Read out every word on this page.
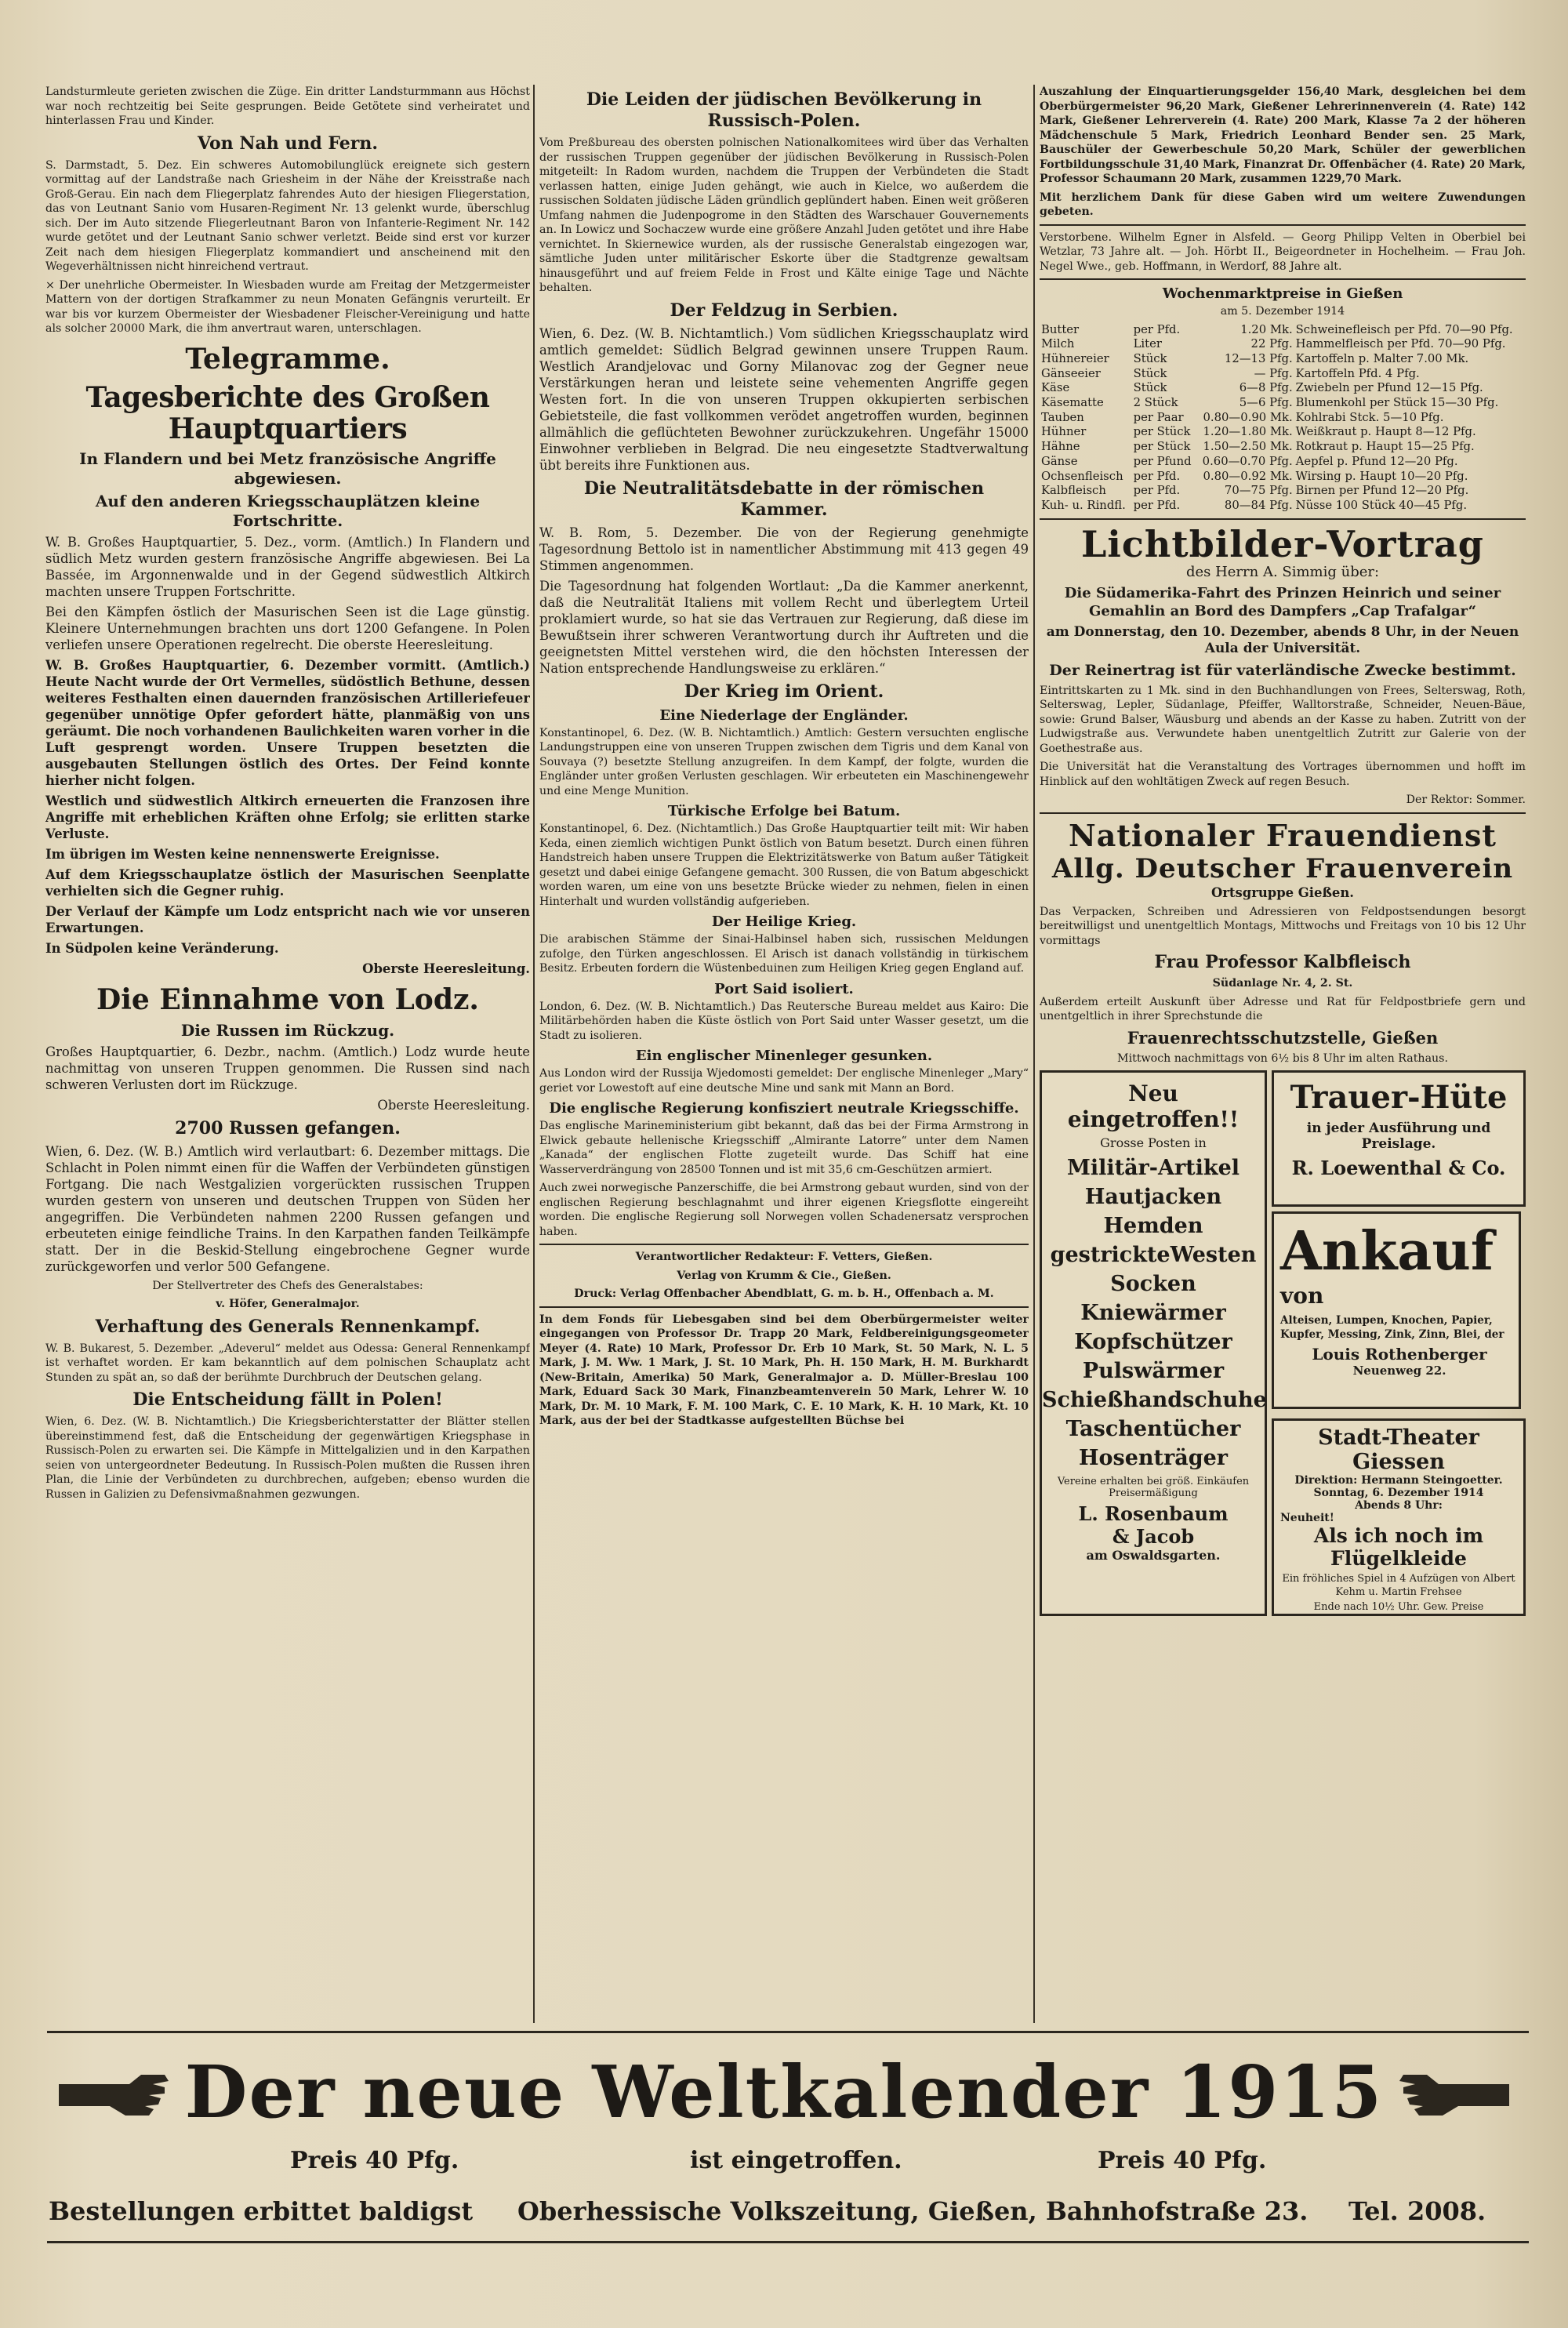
Landsturmleute gerieten zwischen die Züge. Ein dritter Landsturmmann aus Höchst war noch rechtzeitig bei Seite gesprungen. Beide Getötete sind verheiratet und hinterlassen Frau und Kinder.

Von Nah und Fern.

S. Darmstadt, 5. Dez. Ein schweres Automobilunglück ereignete sich gestern vormittag auf der Landstraße nach Griesheim in der Nähe der Kreisstraße nach Groß-Gerau. Ein nach dem Fliegerplatz fahrendes Auto der hiesigen Fliegerstation, das von Leutnant Sanio vom Husaren-Regiment Nr. 13 gelenkt wurde, überschlug sich. Der im Auto sitzende Fliegerleutnant Baron von Infanterie-Regiment Nr. 142 wurde getötet und der Leutnant Sanio schwer verletzt. Beide sind erst vor kurzer Zeit nach dem hiesigen Fliegerplatz kommandiert und anscheinend mit den Wegeverhältnissen nicht hinreichend vertraut.

× Der unehrliche Obermeister. In Wiesbaden wurde am Freitag der Metzgermeister Mattern von der dortigen Strafkammer zu neun Monaten Gefängnis verurteilt. Er war bis vor kurzem Obermeister der Wiesbadener Fleischer-Vereinigung und hatte als solcher 20000 Mark, die ihm anvertraut waren, unterschlagen.

Telegramme.
Tagesberichte des Großen Hauptquartiers
In Flandern und bei Metz französische Angriffe abgewiesen.
Auf den anderen Kriegsschauplätzen kleine Fortschritte.

W. B. Großes Hauptquartier, 5. Dez., vorm. (Amtlich.) In Flandern und südlich Metz wurden gestern französische Angriffe abgewiesen. Bei La Bassée, im Argonnenwalde und in der Gegend südwestlich Altkirch machten unsere Truppen Fortschritte.

Bei den Kämpfen östlich der Masurischen Seen ist die Lage günstig. Kleinere Unternehmungen brachten uns dort 1200 Gefangene. In Polen verliefen unsere Operationen regelrecht. Die oberste Heeresleitung.

W. B. Großes Hauptquartier, 6. Dezember vormitt. (Amtlich.) Heute Nacht wurde der Ort Vermelles, südöstlich Bethune, dessen weiteres Festhalten einen dauernden französischen Artilleriefeuer gegenüber unnötige Opfer gefordert hätte, planmäßig von uns geräumt. Die noch vorhandenen Baulichkeiten waren vorher in die Luft gesprengt worden. Unsere Truppen besetzten die ausgebauten Stellungen östlich des Ortes. Der Feind konnte hierher nicht folgen.

Westlich und südwestlich Altkirch erneuerten die Franzosen ihre Angriffe mit erheblichen Kräften ohne Erfolg; sie erlitten starke Verluste.

Im übrigen im Westen keine nennenswerte Ereignisse.

Auf dem Kriegsschauplatze östlich der Masurischen Seenplatte verhielten sich die Gegner ruhig.

Der Verlauf der Kämpfe um Lodz entspricht nach wie vor unseren Erwartungen.

In Südpolen keine Veränderung.

Oberste Heeresleitung.

Die Einnahme von Lodz.
Die Russen im Rückzug.

Großes Hauptquartier, 6. Dezbr., nachm. (Amtlich.) Lodz wurde heute nachmittag von unseren Truppen genommen. Die Russen sind nach schweren Verlusten dort im Rückzuge.

Oberste Heeresleitung.

2700 Russen gefangen.

Wien, 6. Dez. (W. B.) Amtlich wird verlautbart: 6. Dezember mittags. Die Schlacht in Polen nimmt einen für die Waffen der Verbündeten günstigen Fortgang. Die nach Westgalizien vorgerückten russischen Truppen wurden gestern von unseren und deutschen Truppen von Süden her angegriffen. Die Verbündeten nahmen 2200 Russen gefangen und erbeuteten einige feindliche Trains. In den Karpathen fanden Teilkämpfe statt. Der in die Beskid-Stellung eingebrochene Gegner wurde zurückgeworfen und verlor 500 Gefangene.

Der Stellvertreter des Chefs des Generalstabes:

v. Höfer, Generalmajor.

Verhaftung des Generals Rennenkampf.

W. B. Bukarest, 5. Dezember. „Adeverul“ meldet aus Odessa: General Rennenkampf ist verhaftet worden. Er kam bekanntlich auf dem polnischen Schauplatz acht Stunden zu spät an, so daß der berühmte Durchbruch der Deutschen gelang.

Die Entscheidung fällt in Polen!

Wien, 6. Dez. (W. B. Nichtamtlich.) Die Kriegsberichterstatter der Blätter stellen übereinstimmend fest, daß die Entscheidung der gegenwärtigen Kriegsphase in Russisch-Polen zu erwarten sei. Die Kämpfe in Mittelgalizien und in den Karpathen seien von untergeordneter Bedeutung. In Russisch-Polen mußten die Russen ihren Plan, die Linie der Verbündeten zu durchbrechen, aufgeben; ebenso wurden die Russen in Galizien zu Defensivmaßnahmen gezwungen.

Die Leiden der jüdischen Bevölkerung in Russisch-Polen.

Vom Preßbureau des obersten polnischen Nationalkomitees wird über das Verhalten der russischen Truppen gegenüber der jüdischen Bevölkerung in Russisch-Polen mitgeteilt: In Radom wurden, nachdem die Truppen der Verbündeten die Stadt verlassen hatten, einige Juden gehängt, wie auch in Kielce, wo außerdem die russischen Soldaten jüdische Läden gründlich geplündert haben. Einen weit größeren Umfang nahmen die Judenpogrome in den Städten des Warschauer Gouvernements an. In Lowicz und Sochaczew wurde eine größere Anzahl Juden getötet und ihre Habe vernichtet. In Skiernewice wurden, als der russische Generalstab eingezogen war, sämtliche Juden unter militärischer Eskorte über die Stadtgrenze gewaltsam hinausgeführt und auf freiem Felde in Frost und Kälte einige Tage und Nächte behalten.

Der Feldzug in Serbien.

Wien, 6. Dez. (W. B. Nichtamtlich.) Vom südlichen Kriegsschauplatz wird amtlich gemeldet: Südlich Belgrad gewinnen unsere Truppen Raum. Westlich Arandjelovac und Gorny Milanovac zog der Gegner neue Verstärkungen heran und leistete seine vehementen Angriffe gegen Westen fort. In die von unseren Truppen okkupierten serbischen Gebietsteile, die fast vollkommen verödet angetroffen wurden, beginnen allmählich die geflüchteten Bewohner zurückzukehren. Ungefähr 15000 Einwohner verblieben in Belgrad. Die neu eingesetzte Stadtverwaltung übt bereits ihre Funktionen aus.

Die Neutralitätsdebatte in der römischen Kammer.

W. B. Rom, 5. Dezember. Die von der Regierung genehmigte Tagesordnung Bettolo ist in namentlicher Abstimmung mit 413 gegen 49 Stimmen angenommen.

Die Tagesordnung hat folgenden Wortlaut: „Da die Kammer anerkennt, daß die Neutralität Italiens mit vollem Recht und überlegtem Urteil proklamiert wurde, so hat sie das Vertrauen zur Regierung, daß diese im Bewußtsein ihrer schweren Verantwortung durch ihr Auftreten und die geeignetsten Mittel verstehen wird, die den höchsten Interessen der Nation entsprechende Handlungsweise zu erklären.“

Der Krieg im Orient.
Eine Niederlage der Engländer.

Konstantinopel, 6. Dez. (W. B. Nichtamtlich.) Amtlich: Gestern versuchten englische Landungstruppen eine von unseren Truppen zwischen dem Tigris und dem Kanal von Souvaya (?) besetzte Stellung anzugreifen. In dem Kampf, der folgte, wurden die Engländer unter großen Verlusten geschlagen. Wir erbeuteten ein Maschinengewehr und eine Menge Munition.

Türkische Erfolge bei Batum.

Konstantinopel, 6. Dez. (Nichtamtlich.) Das Große Hauptquartier teilt mit: Wir haben Keda, einen ziemlich wichtigen Punkt östlich von Batum besetzt. Durch einen führen Handstreich haben unsere Truppen die Elektrizitätswerke von Batum außer Tätigkeit gesetzt und dabei einige Gefangene gemacht. 300 Russen, die von Batum abgeschickt worden waren, um eine von uns besetzte Brücke wieder zu nehmen, fielen in einen Hinterhalt und wurden vollständig aufgerieben.

Der Heilige Krieg.

Die arabischen Stämme der Sinai-Halbinsel haben sich, russischen Meldungen zufolge, den Türken angeschlossen. El Arisch ist danach vollständig in türkischem Besitz. Erbeuten fordern die Wüstenbeduinen zum Heiligen Krieg gegen England auf.

Port Said isoliert.

London, 6. Dez. (W. B. Nichtamtlich.) Das Reutersche Bureau meldet aus Kairo: Die Militärbehörden haben die Küste östlich von Port Said unter Wasser gesetzt, um die Stadt zu isolieren.

Ein englischer Minenleger gesunken.

Aus London wird der Russija Wjedomosti gemeldet: Der englische Minenleger „Mary“ geriet vor Lowestoft auf eine deutsche Mine und sank mit Mann an Bord.

Die englische Regierung konfisziert neutrale Kriegsschiffe.

Das englische Marineministerium gibt bekannt, daß das bei der Firma Armstrong in Elwick gebaute hellenische Kriegsschiff „Almirante Latorre“ unter dem Namen „Kanada“ der englischen Flotte zugeteilt wurde. Das Schiff hat eine Wasserverdrängung von 28500 Tonnen und ist mit 35,6 cm-Geschützen armiert.

Auch zwei norwegische Panzerschiffe, die bei Armstrong gebaut wurden, sind von der englischen Regierung beschlagnahmt und ihrer eigenen Kriegsflotte eingereiht worden. Die englische Regierung soll Norwegen vollen Schadenersatz versprochen haben.

Verantwortlicher Redakteur: F. Vetters, Gießen.

Verlag von Krumm & Cie., Gießen.

Druck: Verlag Offenbacher Abendblatt, G. m. b. H., Offenbach a. M.

In dem Fonds für Liebesgaben sind bei dem Oberbürgermeister weiter eingegangen von Professor Dr. Trapp 20 Mark, Feldbereinigungsgeometer Meyer (4. Rate) 10 Mark, Professor Dr. Erb 10 Mark, St. 50 Mark, N. L. 5 Mark, J. M. Ww. 1 Mark, J. St. 10 Mark, Ph. H. 150 Mark, H. M. Burkhardt (New-Britain, Amerika) 50 Mark, Generalmajor a. D. Müller-Breslau 100 Mark, Eduard Sack 30 Mark, Finanzbeamtenverein 50 Mark, Lehrer W. 10 Mark, Dr. M. 10 Mark, F. M. 100 Mark, C. E. 10 Mark, K. H. 10 Mark, Kt. 10 Mark, aus der bei der Stadtkasse aufgestellten Büchse bei

Auszahlung der Einquartierungsgelder 156,40 Mark, desgleichen bei dem Oberbürgermeister 96,20 Mark, Gießener Lehrerinnenverein (4. Rate) 142 Mark, Gießener Lehrerverein (4. Rate) 200 Mark, Klasse 7a 2 der höheren Mädchenschule 5 Mark, Friedrich Leonhard Bender sen. 25 Mark, Bauschüler der Gewerbeschule 50,20 Mark, Schüler der gewerblichen Fortbildungsschule 31,40 Mark, Finanzrat Dr. Offenbächer (4. Rate) 20 Mark, Professor Schaumann 20 Mark, zusammen 1229,70 Mark.

Mit herzlichem Dank für diese Gaben wird um weitere Zuwendungen gebeten.

Verstorbene. Wilhelm Egner in Alsfeld. — Georg Philipp Velten in Oberbiel bei Wetzlar, 73 Jahre alt. — Joh. Hörbt II., Beigeordneter in Hochelheim. — Frau Joh. Negel Wwe., geb. Hoffmann, in Werdorf, 88 Jahre alt.

Wochenmarktpreise in Gießen

am 5. Dezember 1914

Butter	per Pfd.	1.20 Mk.	Schweinefleisch per Pfd. 70—90 Pfg.
Milch	Liter	22 Pfg.	Hammelfleisch per Pfd. 70—90 Pfg.
Hühnereier	Stück	12—13 Pfg.	Kartoffeln p. Malter 7.00 Mk.
Gänseeier	Stück	— Pfg.	Kartoffeln Pfd. 4 Pfg.
Käse	Stück	6—8 Pfg.	Zwiebeln per Pfund 12—15 Pfg.
Käsematte	2 Stück	5—6 Pfg.	Blumenkohl per Stück 15—30 Pfg.
Tauben	per Paar	0.80—0.90 Mk.	Kohlrabi Stck. 5—10 Pfg.
Hühner	per Stück	1.20—1.80 Mk.	Weißkraut p. Haupt 8—12 Pfg.
Hähne	per Stück	1.50—2.50 Mk.	Rotkraut p. Haupt 15—25 Pfg.
Gänse	per Pfund	0.60—0.70 Pfg.	Aepfel p. Pfund 12—20 Pfg.
Ochsenfleisch	per Pfd.	0.80—0.92 Mk.	Wirsing p. Haupt 10—20 Pfg.
Kalbfleisch	per Pfd.	70—75 Pfg.	Birnen per Pfund 12—20 Pfg.
Kuh- u. Rindfl.	per Pfd.	80—84 Pfg.	Nüsse 100 Stück 40—45 Pfg.
Lichtbilder-Vortrag

des Herrn A. Simmig über:

Die Südamerika-Fahrt des Prinzen Heinrich und seiner Gemahlin an Bord des Dampfers „Cap Trafalgar“

am Donnerstag, den 10. Dezember, abends 8 Uhr, in der Neuen Aula der Universität.

Der Reinertrag ist für vaterländische Zwecke bestimmt.

Eintrittskarten zu 1 Mk. sind in den Buchhandlungen von Frees, Selterswag, Roth, Selterswag, Lepler, Südanlage, Pfeiffer, Walltorstraße, Schneider, Neuen-Bäue, sowie: Grund Balser, Wäusburg und abends an der Kasse zu haben. Zutritt von der Ludwigstraße aus. Verwundete haben unentgeltlich Zutritt zur Galerie von der Goethestraße aus.

Die Universität hat die Veranstaltung des Vortrages übernommen und hofft im Hinblick auf den wohltätigen Zweck auf regen Besuch.

Der Rektor: Sommer.

Nationaler Frauendienst
Allg. Deutscher Frauenverein

Ortsgruppe Gießen.

Das Verpacken, Schreiben und Adressieren von Feldpostsendungen besorgt bereitwilligst und unentgeltlich Montags, Mittwochs und Freitags von 10 bis 12 Uhr vormittags

Frau Professor Kalbfleisch

Südanlage Nr. 4, 2. St.

Außerdem erteilt Auskunft über Adresse und Rat für Feldpostbriefe gern und unentgeltlich in ihrer Sprechstunde die

Frauenrechtsschutzstelle, Gießen

Mittwoch nachmittags von 6½ bis 8 Uhr im alten Rathaus.

Neu eingetroffen!!
Grosse Posten in
Militär-Artikel
Hautjacken
Hemden
gestrickteWesten
Socken
Kniewärmer
Kopfschützer
Pulswärmer
Schießhandschuhe
Taschentücher
Hosenträger
Vereine erhalten bei größ. Einkäufen Preisermäßigung
L. Rosenbaum
& Jacob
am Oswaldsgarten.
Trauer-Hüte
in jeder Ausführung und Preislage.
R. Loewenthal & Co.
Ankauf von
Alteisen, Lumpen, Knochen, Papier, Kupfer, Messing, Zink, Zinn, Blei, der
Louis Rothenberger
Neuenweg 22.
Stadt-Theater Giessen
Direktion: Hermann Steingoetter.
Sonntag, 6. Dezember 1914
Abends 8 Uhr:
Neuheit!
Als ich noch im Flügelkleide
Ein fröhliches Spiel in 4 Aufzügen von Albert Kehm u. Martin Frehsee
Ende nach 10½ Uhr. Gew. Preise
Der neue Weltkalender 1915
Preis 40 Pfg.	ist eingetroffen.	Preis 40 Pfg.
Bestellungen erbittet baldigst Oberhessische Volkszeitung, Gießen, Bahnhofstraße 23. Tel. 2008.
